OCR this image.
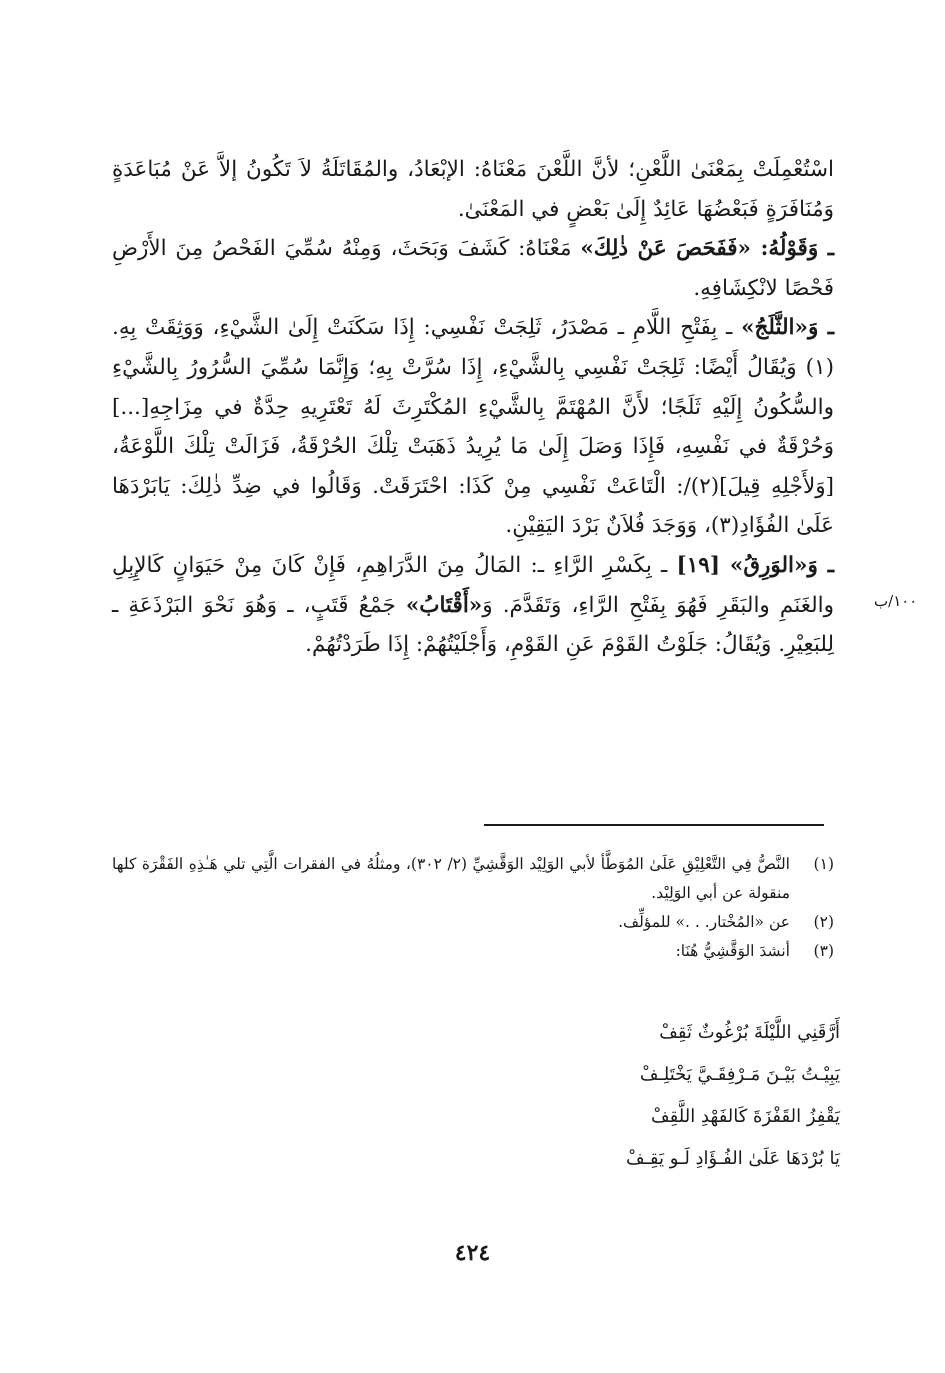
اسْتُعْمِلَتْ بِمَعْنَىٰ اللَّعْنِ؛ لأنَّ اللَّعْنَ مَعْنَاهُ: الإبْعَادُ، والمُقَاتَلَةُ لاَ تَكُونُ إلاَّ عَنْ مُبَاعَدَةٍ وَمُنَافَرَةٍ فَبَعْضُهَا عَائِدٌ إِلَىٰ بَعْضٍ في المَعْنَىٰ.

ـ وَقَوْلُهُ: «فَفَحَصَ عَنْ ذٰلِكَ» مَعْنَاهُ: كَشَفَ وَبَحَثَ، وَمِنْهُ سُمِّيَ الفَحْصُ مِنَ الأَرْضِ فَحْصًا لانْكِشَافِهِ.

ـ وَ«الثَّلَجُ» ـ بِفَتْحِ اللَّامِ ـ مَصْدَرُ، ثَلِجَتْ نَفْسِي: إِذَا سَكَنَتْ إِلَىٰ الشَّيْءِ، وَوَثِقَتْ بِهِ. (١) وَيُقَالُ أَيْضًا: ثَلِجَتْ نَفْسِي بِالشَّيْءِ، إِذَا سُرَّتْ بِهِ؛ وَإِنَّمَا سُمِّيَ السُّرُورُ بِالشَّيْءِ والسُّكُونُ إِلَيْهِ ثَلَجًا؛ لأَنَّ المُهْتَمَّ بِالشَّيْءِ المُكْتَرِثَ لَهُ تَعْتَرِيهِ حِدَّةٌ في مِزَاجِهِ[...] وَحُرْقَةٌ في نَفْسِهِ، فَإِذَا وَصَلَ إِلَىٰ مَا يُرِيدُ ذَهَبَتْ تِلْكَ الحُرْقَةُ، فَزَالَتْ تِلْكَ اللَّوْعَةُ، [وَلأَجْلِهِ قِيلَ](٢)/: الْتَاعَتْ نَفْسِي مِنْ كَذَا: احْتَرَقَتْ. وَقَالُوا في ضِدِّ ذٰلِكَ: يَابَرْدَهَا عَلَىٰ الفُؤَادِ(٣)، وَوَجَدَ فُلاَنٌ بَرْدَ اليَقِيْنِ.

ـ وَ«الوَرِقُ» [١٩] ـ بِكَسْرِ الرَّاءِ ـ: المَالُ مِنَ الدَّرَاهِمِ، فَإِنْ كَانَ مِنْ حَيَوَانٍ كَالإِبِلِ والغَنَمِ والبَقَرِ فَهُوَ بِفَتْحِ الرَّاءِ، وَتَقَدَّمَ. وَ«أَقْتَابُ» جَمْعُ قَتَبٍ، ـ وَهُوَ نَحْوَ البَرْذَعَةِ ـ لِلبَعِيْرِ. وَيُقَالُ: جَلَوْتُ القَوْمَ عَنِ القَوْمِ، وَأَجْلَيْتُهُمْ: إِذَا طَرَدْتُهُمْ.

١٠٠/ب
(١)
النَّصُّ فِي التَّعْلِيْقِ عَلَىٰ المُوَطَّأ لأبي الوَلِيْد الوَقَّشِيِّ (٢/ ٣٠٢)، ومثلُهُ في الفقرات الَّتِي تلي هَـٰذِهِ الفَقْرَة كلها منقولة عن أبي الوَلِيْد.
(٢)
عن «المُخْتار. . .» للمؤلِّف.
(٣)
أنشدَ الوَقَّشِيُّ هُنَا:
أَرَّقَنِي اللَّيْلَةَ بُرْغُوثٌ ثَقِفْ
يَبِيْـتُ بَيْـنَ مَـرْفِقَـيَّ يَخْتَلِـفْ
يَقْفِزُ القَفْزَةَ كَالفَهْدِ اللَّقِفْ
يَا بُرْدَهَا عَلَىٰ الفُـؤَادِ لَـو يَقِـفْ
٤٢٤
